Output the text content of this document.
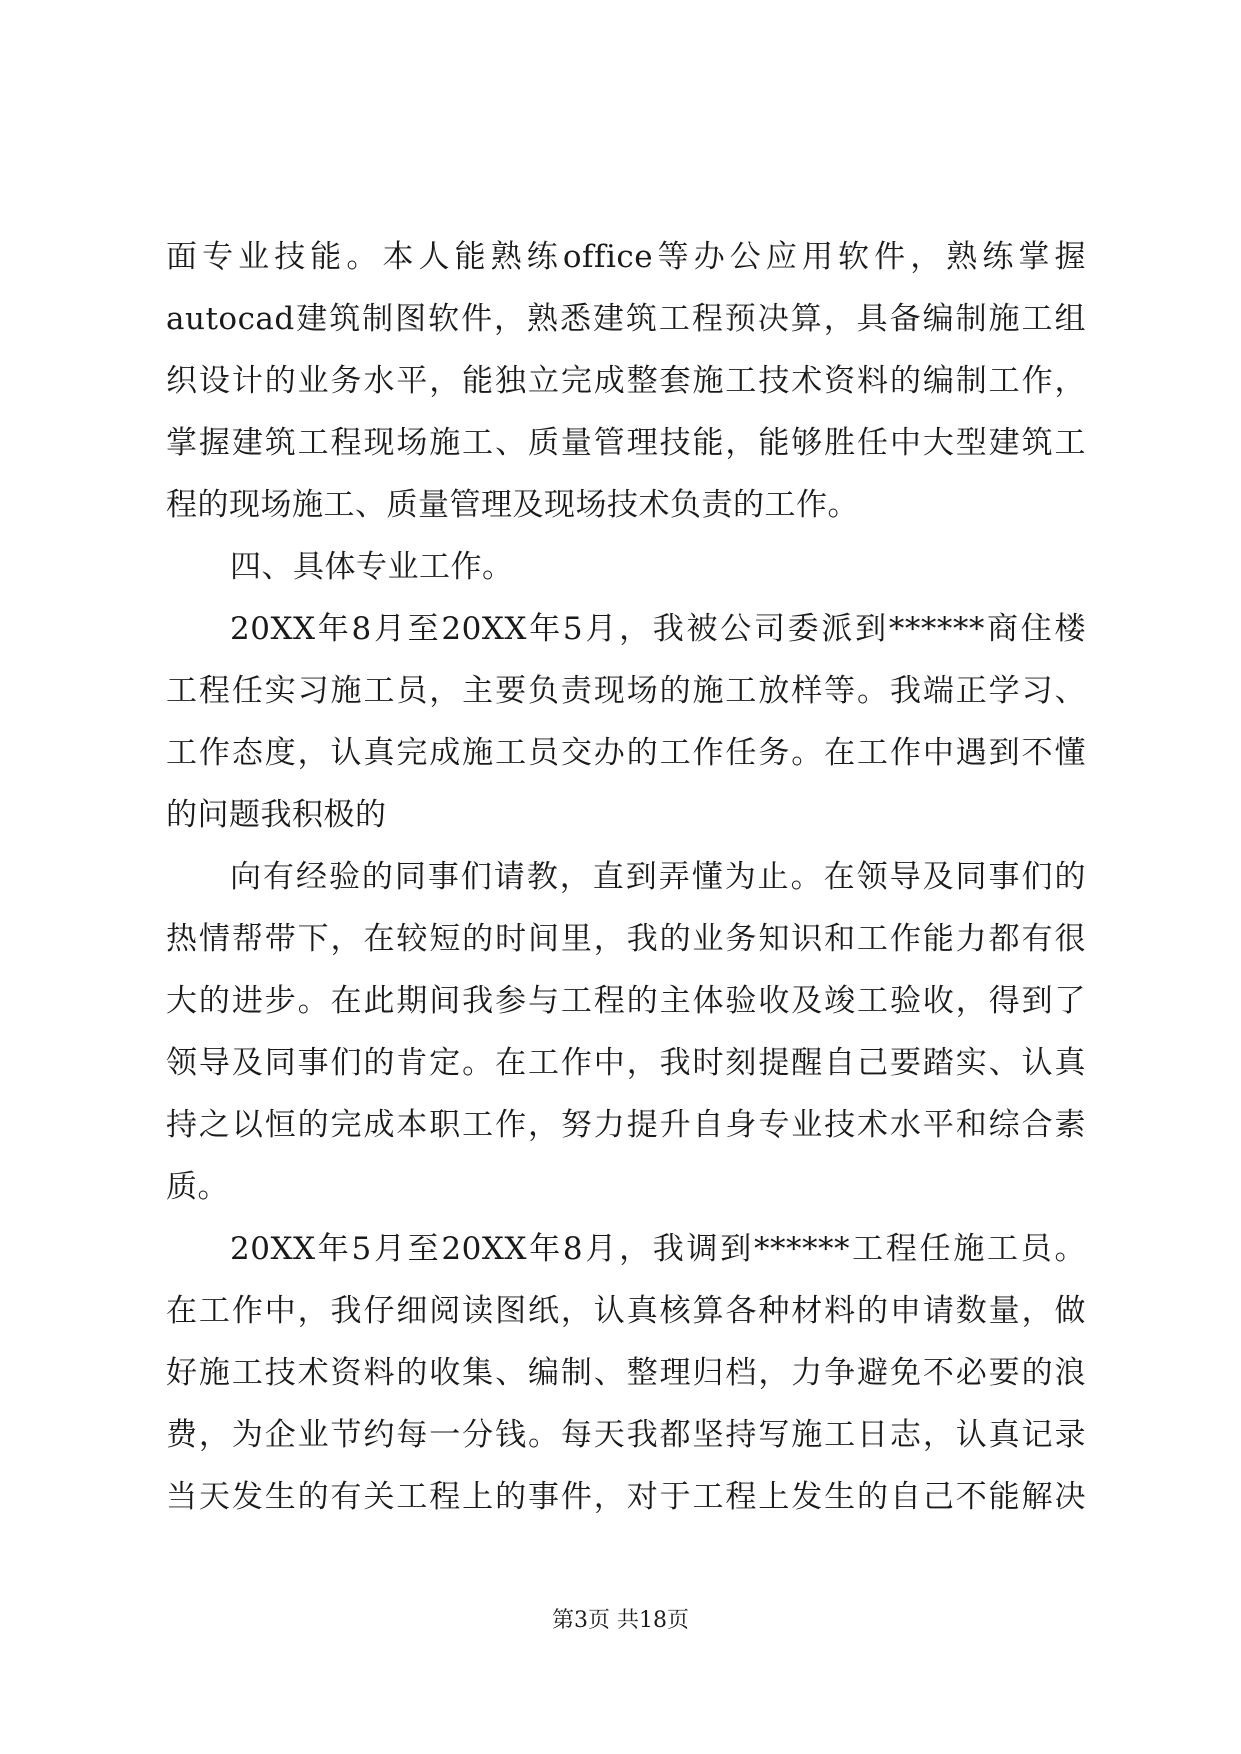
面专业技能。本人能熟练office等办公应用软件，熟练掌握
autocad建筑制图软件，熟悉建筑工程预决算，具备编制施工组
织设计的业务水平，能独立完成整套施工技术资料的编制工作，
掌握建筑工程现场施工、质量管理技能，能够胜任中大型建筑工
程的现场施工、质量管理及现场技术负责的工作。
四、具体专业工作。
20XX年8月至20XX年5月，我被公司委派到******商住楼
工程任实习施工员，主要负责现场的施工放样等。我端正学习、
工作态度，认真完成施工员交办的工作任务。在工作中遇到不懂
的问题我积极的
向有经验的同事们请教，直到弄懂为止。在领导及同事们的
热情帮带下，在较短的时间里，我的业务知识和工作能力都有很
大的进步。在此期间我参与工程的主体验收及竣工验收，得到了
领导及同事们的肯定。在工作中，我时刻提醒自己要踏实、认真
持之以恒的完成本职工作，努力提升自身专业技术水平和综合素
质。
20XX年5月至20XX年8月，我调到******工程任施工员。
在工作中，我仔细阅读图纸，认真核算各种材料的申请数量，做
好施工技术资料的收集、编制、整理归档，力争避免不必要的浪
费，为企业节约每一分钱。每天我都坚持写施工日志，认真记录
当天发生的有关工程上的事件，对于工程上发生的自己不能解决
第3页 共18页
